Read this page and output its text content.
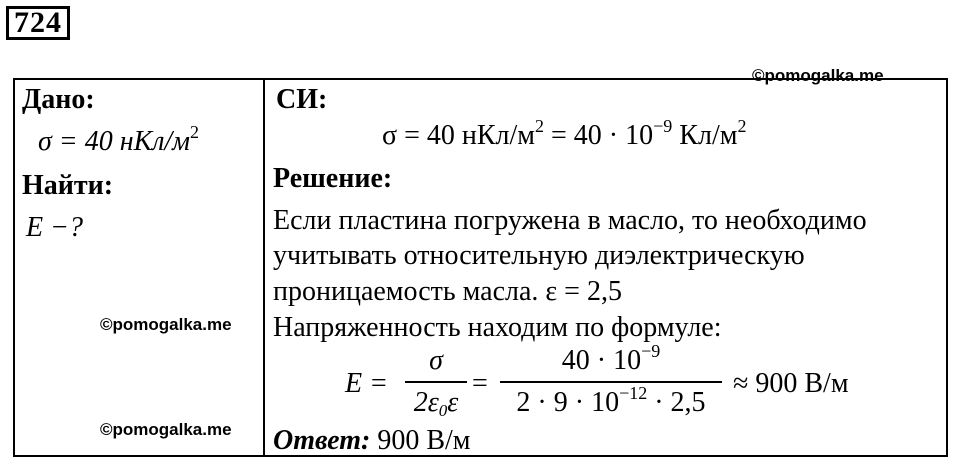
724
©pomogalka.me
©pomogalka.me
©pomogalka.me
Дано:
σ = 40 нКл/$м^2$
Найти:
E −?
СИ:
σ = 40 нКл/$м^2 = 40 \cdot 10^{-9}$ $Кл/м^2$
Решение:
Если пластина погружена в масло, то необходимо
учитывать относительную диэлектрическую
проницаемость масла. ε = 2,5
Напряженность находим по формуле:
E =
σ
$2\varepsilon_0\varepsilon$
=
$40 \cdot 10^{-9}$
$2 \cdot 9 \cdot 10^{-12} \cdot 2,5$
≈ 900 В/м
Ответ: 900 В/м
